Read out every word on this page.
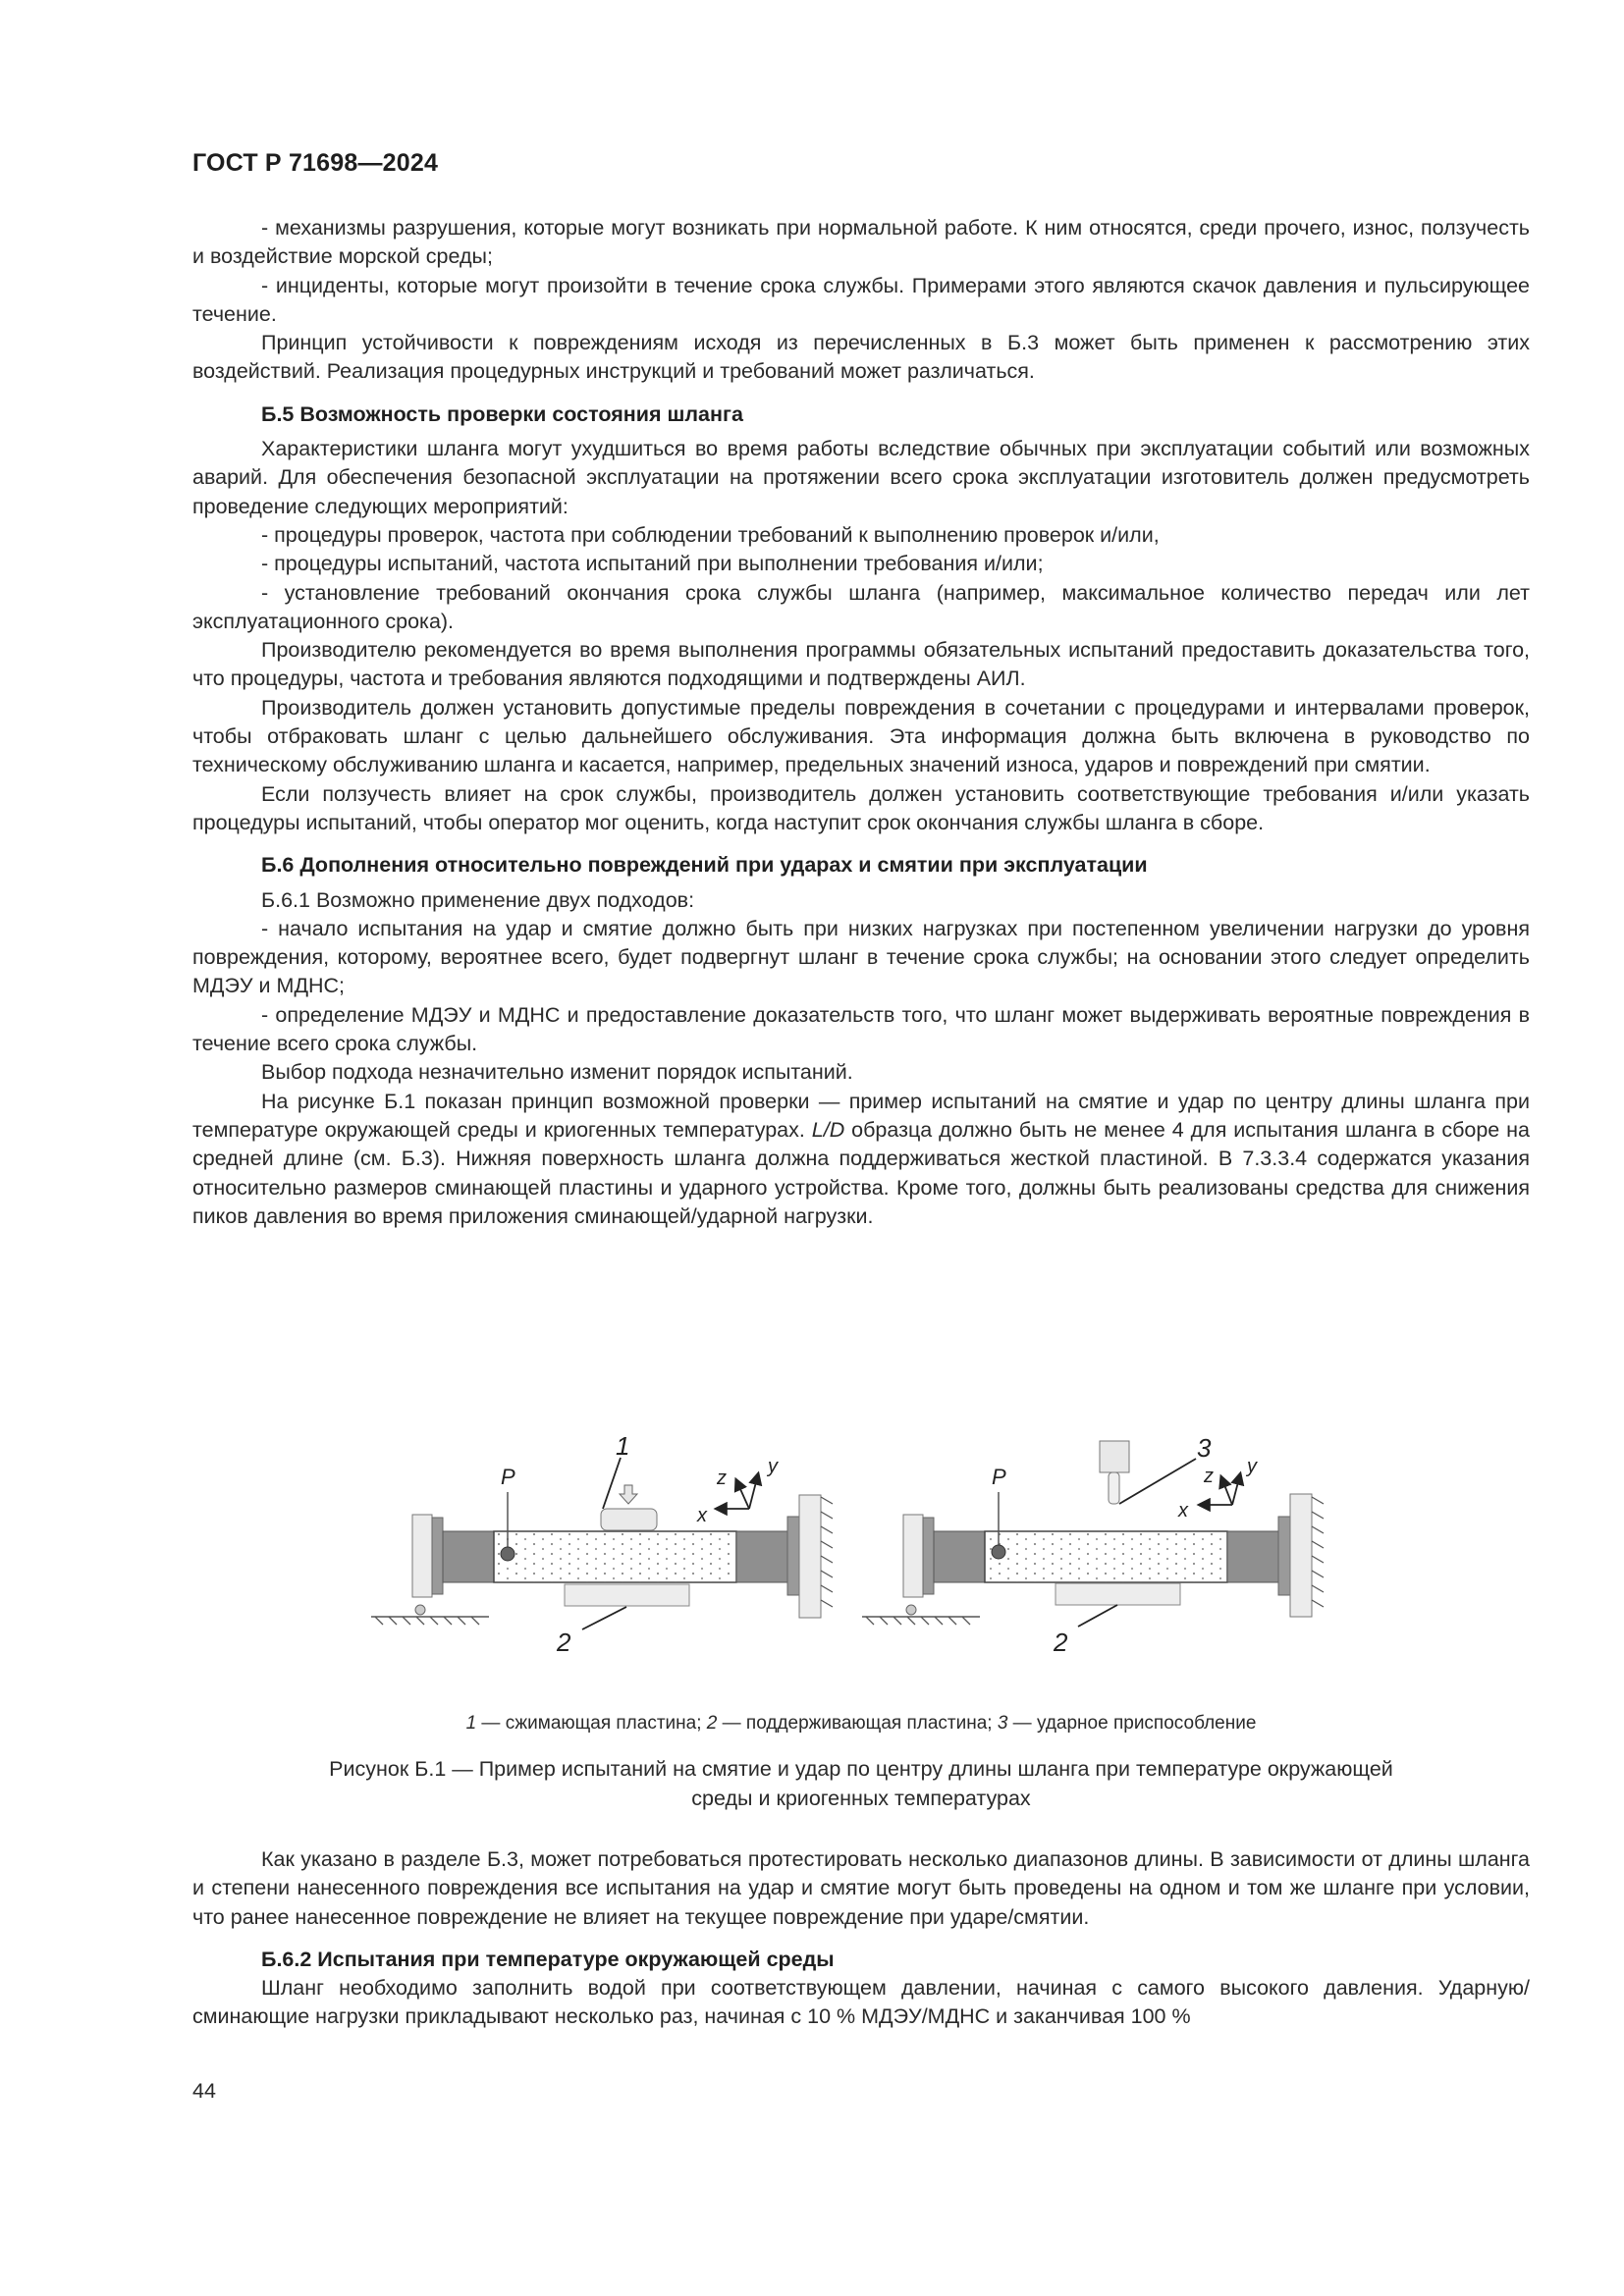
ГОСТ Р 71698—2024

- механизмы разрушения, которые могут возникать при нормальной работе. К ним относятся, среди прочего, износ, ползучесть и воздействие морской среды;

- инциденты, которые могут произойти в течение срока службы. Примерами этого являются скачок давления и пульсирующее течение.

Принцип устойчивости к повреждениям исходя из перечисленных в Б.3 может быть применен к рассмотрению этих воздействий. Реализация процедурных инструкций и требований может различаться.

Б.5 Возможность проверки состояния шланга

Характеристики шланга могут ухудшиться во время работы вследствие обычных при эксплуатации событий или возможных аварий. Для обеспечения безопасной эксплуатации на протяжении всего срока эксплуатации изготовитель должен предусмотреть проведение следующих мероприятий:

- процедуры проверок, частота при соблюдении требований к выполнению проверок и/или,

- процедуры испытаний, частота испытаний при выполнении требования и/или;

- установление требований окончания срока службы шланга (например, максимальное количество передач или лет эксплуатационного срока).

Производителю рекомендуется во время выполнения программы обязательных испытаний предоставить доказательства того, что процедуры, частота и требования являются подходящими и подтверждены АИЛ.

Производитель должен установить допустимые пределы повреждения в сочетании с процедурами и интервалами проверок, чтобы отбраковать шланг с целью дальнейшего обслуживания. Эта информация должна быть включена в руководство по техническому обслуживанию шланга и касается, например, предельных значений износа, ударов и повреждений при смятии.

Если ползучесть влияет на срок службы, производитель должен установить соответствующие требования и/или указать процедуры испытаний, чтобы оператор мог оценить, когда наступит срок окончания службы шланга в сборе.

Б.6 Дополнения относительно повреждений при ударах и смятии при эксплуатации

Б.6.1 Возможно применение двух подходов:

- начало испытания на удар и смятие должно быть при низких нагрузках при постепенном увеличении нагрузки до уровня повреждения, которому, вероятнее всего, будет подвергнут шланг в течение срока службы; на основании этого следует определить МДЭУ и МДНС;

- определение МДЭУ и МДНС и предоставление доказательств того, что шланг может выдерживать вероятные повреждения в течение всего срока службы.

Выбор подхода незначительно изменит порядок испытаний.

На рисунке Б.1 показан принцип возможной проверки — пример испытаний на смятие и удар по центру длины шланга при температуре окружающей среды и криогенных температурах. L/D образца должно быть не менее 4 для испытания шланга в сборе на средней длине (см. Б.3). Нижняя поверхность шланга должна поддерживаться жесткой пластиной. В 7.3.3.4 содержатся указания относительно размеров сминающей пластины и ударного устройства. Кроме того, должны быть реализованы средства для снижения пиков давления во время приложения сминающей/ударной нагрузки.

P
1
2
x
z
y	P
3
2
x
z y
1 — сжимающая пластина; 2 — поддерживающая пластина; 3 — ударное приспособление
Рисунок Б.1 — Пример испытаний на смятие и удар по центру длины шланга при температуре окружающей
среды и криогенных температурах

Как указано в разделе Б.3, может потребоваться протестировать несколько диапазонов длины. В зависимости от длины шланга и степени нанесенного повреждения все испытания на удар и смятие могут быть проведены на одном и том же шланге при условии, что ранее нанесенное повреждение не влияет на текущее повреждение при ударе/смятии.

Б.6.2 Испытания при температуре окружающей среды

Шланг необходимо заполнить водой при соответствующем давлении, начиная с самого высокого давления. Ударную/сминающие нагрузки прикладывают несколько раз, начиная с 10 % МДЭУ/МДНС и заканчивая 100 %

44
